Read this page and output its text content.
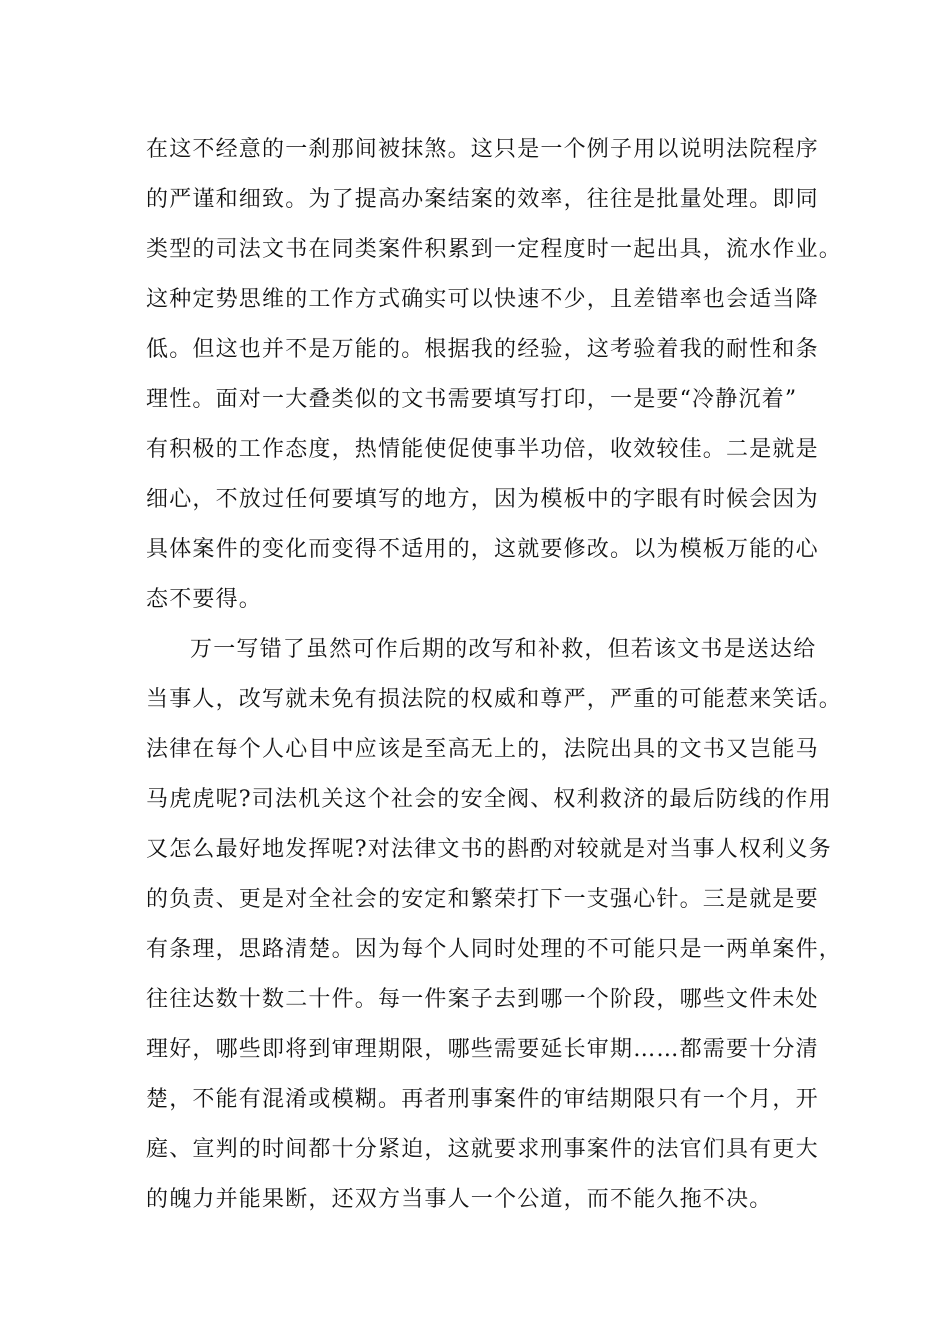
在这不经意的一刹那间被抹煞。这只是一个例子用以说明法院程序

的严谨和细致。为了提高办案结案的效率，往往是批量处理。即同

类型的司法文书在同类案件积累到一定程度时一起出具，流水作业。

这种定势思维的工作方式确实可以快速不少，且差错率也会适当降

低。但这也并不是万能的。根据我的经验，这考验着我的耐性和条

理性。面对一大叠类似的文书需要填写打印，一是要“冷静沉着”

有积极的工作态度，热情能使促使事半功倍，收效较佳。二是就是

细心，不放过任何要填写的地方，因为模板中的字眼有时候会因为

具体案件的变化而变得不适用的，这就要修改。以为模板万能的心

态不要得。

万一写错了虽然可作后期的改写和补救，但若该文书是送达给

当事人，改写就未免有损法院的权威和尊严，严重的可能惹来笑话。

法律在每个人心目中应该是至高无上的，法院出具的文书又岂能马

马虎虎呢?司法机关这个社会的安全阀、权利救济的最后防线的作用

又怎么最好地发挥呢?对法律文书的斟酌对较就是对当事人权利义务

的负责、更是对全社会的安定和繁荣打下一支强心针。三是就是要

有条理，思路清楚。因为每个人同时处理的不可能只是一两单案件，

往往达数十数二十件。每一件案子去到哪一个阶段，哪些文件未处

理好，哪些即将到审理期限，哪些需要延长审期……都需要十分清

楚，不能有混淆或模糊。再者刑事案件的审结期限只有一个月，开

庭、宣判的时间都十分紧迫，这就要求刑事案件的法官们具有更大

的魄力并能果断，还双方当事人一个公道，而不能久拖不决。
